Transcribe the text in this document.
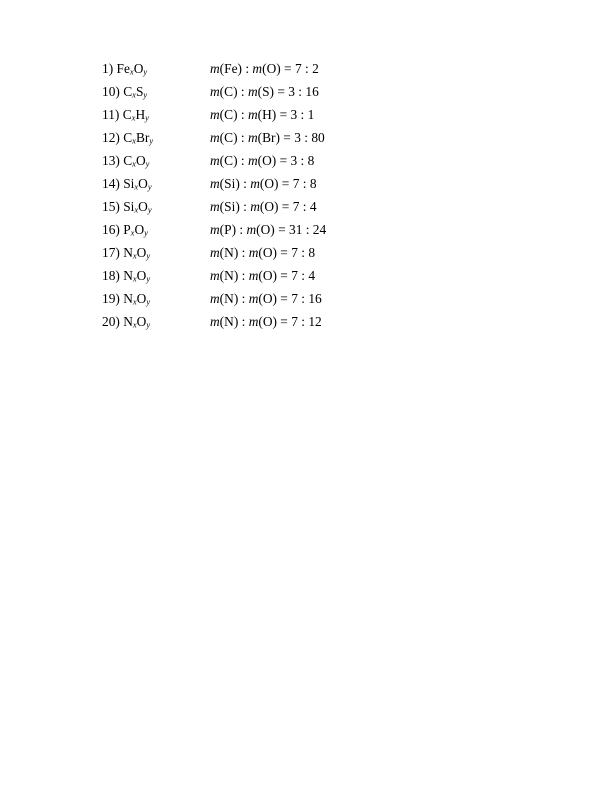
1) $Fe_xO_y$	m(Fe) : m(O) = 7 : 2
10) $C_xS_y$	m(C) : m(S) = 3 : 16
11) $C_xH_y$	m(C) : m(H) = 3 : 1
12) $C_xBr_y$	m(C) : m(Br) = 3 : 80
13) $C_xO_y$	m(C) : m(O) = 3 : 8
14) $Si_xO_y$	m(Si) : m(O) = 7 : 8
15) $Si_xO_y$	m(Si) : m(O) = 7 : 4
16) $P_xO_y$	m(P) : m(O) = 31 : 24
17) $N_xO_y$	m(N) : m(O) = 7 : 8
18) $N_xO_y$	m(N) : m(O) = 7 : 4
19) $N_xO_y$	m(N) : m(O) = 7 : 16
20) $N_xO_y$	m(N) : m(O) = 7 : 12
